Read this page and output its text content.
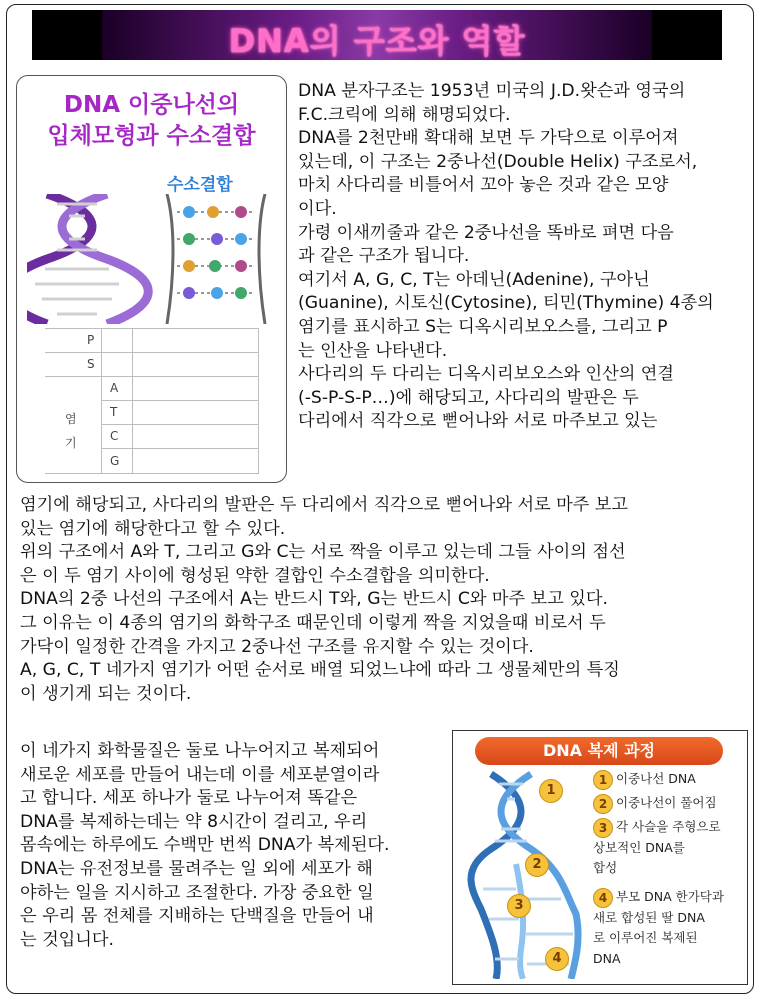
DNA의 구조와 역할
DNA 이중나선의
입체모형과 수소결합
수소결합
P
S
A
T
C
G
염
기
DNA 분자구조는 1953년 미국의 J.D.왓슨과 영국의
F.C.크릭에 의해 해명되었다.
DNA를 2천만배 확대해 보면 두 가닥으로 이루어져
있는데, 이 구조는 2중나선(Double Helix) 구조로서,
마치 사다리를 비틀어서 꼬아 놓은 것과 같은 모양
이다.
가령 이새끼줄과 같은 2중나선을 똑바로 펴면 다음
과 같은 구조가 됩니다.
여기서 A, G, C, T는 아데닌(Adenine), 구아닌
(Guanine), 시토신(Cytosine), 티민(Thymine) 4종의
염기를 표시하고 S는 디옥시리보오스를, 그리고 P
는 인산을 나타낸다.
사다리의 두 다리는 디옥시리보오스와 인산의 연결
(-S-P-S-P…)에 해당되고, 사다리의 발판은 두
다리에서 직각으로 뻗어나와 서로 마주보고 있는
염기에 해당되고, 사다리의 발판은 두 다리에서 직각으로 뻗어나와 서로 마주 보고
있는 염기에 해당한다고 할 수 있다.
위의 구조에서 A와 T, 그리고 G와 C는 서로 짝을 이루고 있는데 그들 사이의 점선
은 이 두 염기 사이에 형성된 약한 결합인 수소결합을 의미한다.
DNA의 2중 나선의 구조에서 A는 반드시 T와, G는 반드시 C와 마주 보고 있다.
그 이유는 이 4종의 염기의 화학구조 때문인데 이렇게 짝을 지었을때 비로서 두
가닥이 일정한 간격을 가지고 2중나선 구조를 유지할 수 있는 것이다.
A, G, C, T 네가지 염기가 어떤 순서로 배열 되었느냐에 따라 그 생물체만의 특징
이 생기게 되는 것이다.
이 네가지 화학물질은 둘로 나누어지고 복제되어
새로운 세포를 만들어 내는데 이를 세포분열이라
고 합니다. 세포 하나가 둘로 나누어져 똑같은
DNA를 복제하는데는 약 8시간이 걸리고, 우리
몸속에는 하루에도 수백만 번씩 DNA가 복제된다.
DNA는 유전정보를 물려주는 일 외에 세포가 해
야하는 일을 지시하고 조절한다. 가장 중요한 일
은 우리 몸 전체를 지배하는 단백질을 만들어 내
는 것입니다.
DNA 복제 과정
1
2
3
4
1 이중나선 DNA
2 이중나선이 풀어짐
3 각 사슬을 주형으로
상보적인 DNA를
합성
4 부모 DNA 한가닥과
새로 합성된 딸 DNA
로 이루어진 복제된
DNA
